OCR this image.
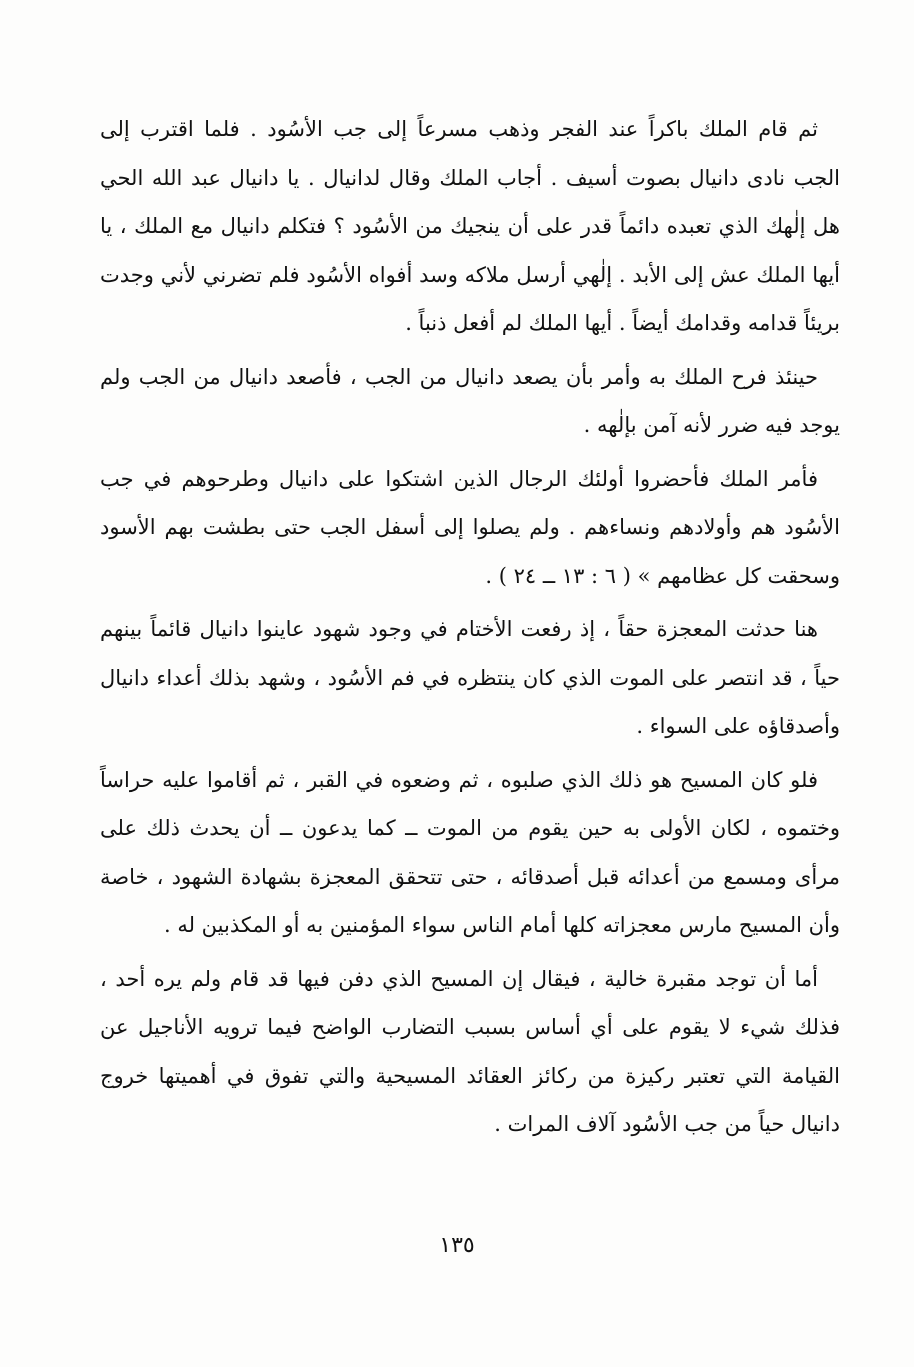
ثم قام الملك باكراً عند الفجر وذهب مسرعاً إلى جب الأسُود . فلما اقترب إلى الجب نادى دانيال بصوت أسيف . أجاب الملك وقال لدانيال . يا دانيال عبد الله الحي هل إلٰهك الذي تعبده دائماً قدر على أن ينجيك من الأسُود ؟ فتكلم دانيال مع الملك ، يا أيها الملك عش إلى الأبد . إلٰهي أرسل ملاكه وسد أفواه الأسُود فلم تضرني لأني وجدت بريئاً قدامه وقدامك أيضاً . أيها الملك لم أفعل ذنباً .

حينئذ فرح الملك به وأمر بأن يصعد دانيال من الجب ، فأصعد دانيال من الجب ولم يوجد فيه ضرر لأنه آمن بإلٰهه .

فأمر الملك فأحضروا أولئك الرجال الذين اشتكوا على دانيال وطرحوهم في جب الأسُود هم وأولادهم ونساءهم . ولم يصلوا إلى أسفل الجب حتى بطشت بهم الأسود وسحقت كل عظامهم » ( ٦ : ١٣ ــ ٢٤ ) .

هنا حدثت المعجزة حقاً ، إذ رفعت الأختام في وجود شهود عاينوا دانيال قائماً بينهم حياً ، قد انتصر على الموت الذي كان ينتظره في فم الأسُود ، وشهد بذلك أعداء دانيال وأصدقاؤه على السواء .

فلو كان المسيح هو ذلك الذي صلبوه ، ثم وضعوه في القبر ، ثم أقاموا عليه حراساً وختموه ، لكان الأولى به حين يقوم من الموت ــ كما يدعون ــ أن يحدث ذلك على مرأى ومسمع من أعدائه قبل أصدقائه ، حتى تتحقق المعجزة بشهادة الشهود ، خاصة وأن المسيح مارس معجزاته كلها أمام الناس سواء المؤمنين به أو المكذبين له .

أما أن توجد مقبرة خالية ، فيقال إن المسيح الذي دفن فيها قد قام ولم يره أحد ، فذلك شيء لا يقوم على أي أساس بسبب التضارب الواضح فيما ترويه الأناجيل عن القيامة التي تعتبر ركيزة من ركائز العقائد المسيحية والتي تفوق في أهميتها خروج دانيال حياً من جب الأسُود آلاف المرات .

١٣٥
